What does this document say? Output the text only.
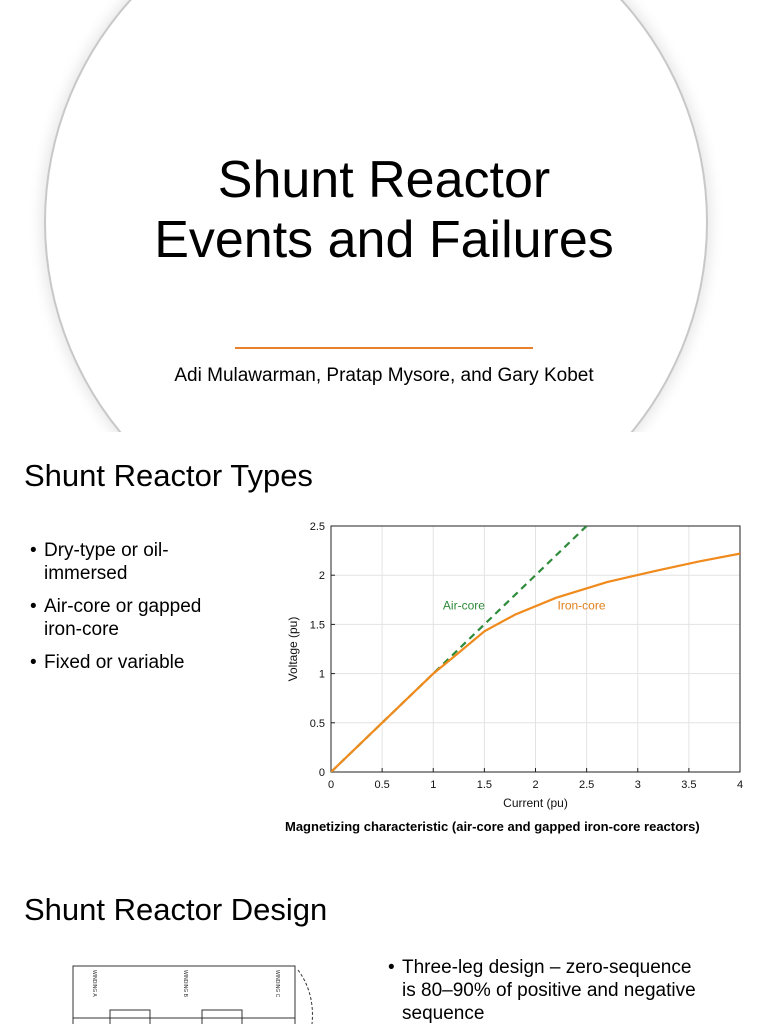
Shunt Reactor
Events and Failures
Adi Mulawarman, Pratap Mysore, and Gary Kobet
Shunt Reactor Types
• Dry-type or oil-
immersed
• Air-core or gapped
iron-core
• Fixed or variable
0	0.5	1	1.5	2	2.5	3	3.5	4
0
0.5
1
1.5
2
2.5
Current (pu)
Voltage (pu)
Air-core	Iron-core
Magnetizing characteristic (air-core and gapped iron-core reactors)
Shunt Reactor Design
WINDING A	WINDING B	WINDING C
• Three-leg design – zero-sequence
is 80–90% of positive and negative
sequence
